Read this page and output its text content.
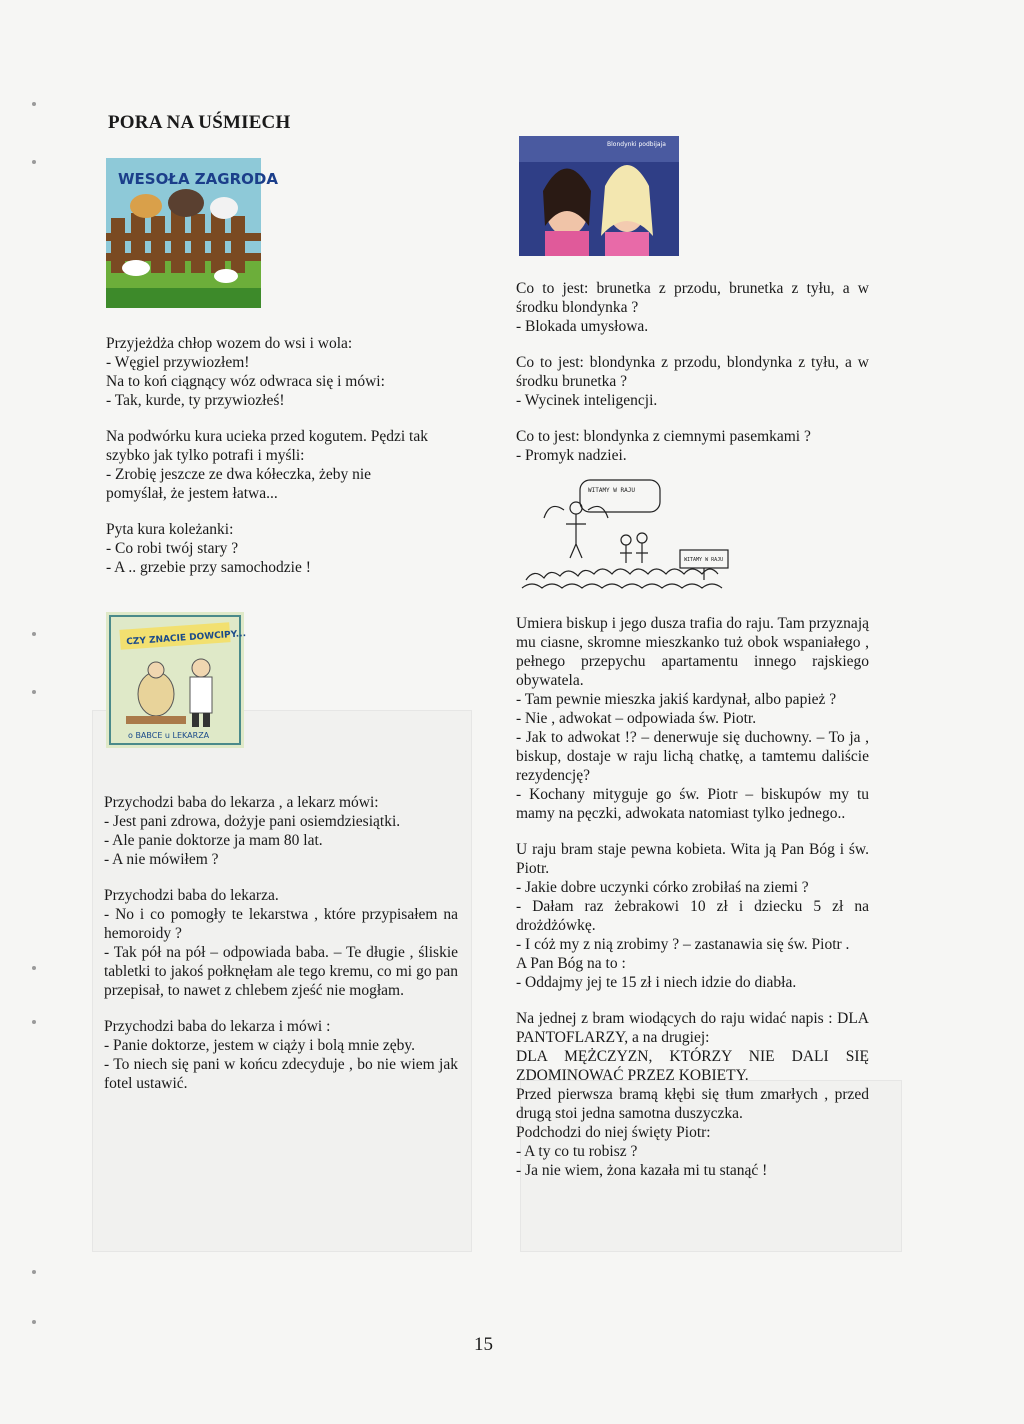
PORA NA UŚMIECH
WESOŁA ZAGRODA
Blondynki podbijaja

Co to jest: brunetka z przodu, brunetka z tyłu, a w środku blondynka ?
- Blokada umysłowa.

Co to jest: blondynka z przodu, blondynka z tyłu, a w środku brunetka ?
- Wycinek inteligencji.

Co to jest: blondynka z ciemnymi pasemkami ?
- Promyk nadziei.

WITAMY W RAJU
WITAMY W RAJU

Przyjeżdża chłop wozem do wsi i wola:
- Węgiel przywiozłem!
Na to koń ciągnący wóz odwraca się i mówi:
- Tak, kurde, ty przywiozłeś!

Na podwórku kura ucieka przed kogutem. Pędzi tak
szybko jak tylko potrafi i myśli:
- Zrobię jeszcze ze dwa kółeczka, żeby nie
pomyślał, że jestem łatwa...

Pyta kura koleżanki:
- Co robi twój stary ?
- A .. grzebie przy samochodzie !

CZY ZNACIE DOWCIPY...
o BABCE u LEKARZA

Umiera biskup i jego dusza trafia do raju. Tam przyznają mu ciasne, skromne mieszkanko tuż obok wspaniałego , pełnego przepychu apartamentu innego rajskiego obywatela.
- Tam pewnie mieszka jakiś kardynał, albo papież ?
- Nie , adwokat – odpowiada św. Piotr.
- Jak to adwokat !? – denerwuje się duchowny. – To ja , biskup, dostaje w raju lichą chatkę, a tamtemu daliście rezydencję?
- Kochany mityguje go św. Piotr – biskupów my tu mamy na pęczki, adwokata natomiast tylko jednego..

U raju bram staje pewna kobieta. Wita ją Pan Bóg i św. Piotr.
- Jakie dobre uczynki córko zrobiłaś na ziemi ?
- Dałam raz żebrakowi 10 zł i dziecku 5 zł na drożdżówkę.
- I cóż my z nią zrobimy ? – zastanawia się św. Piotr .
A Pan Bóg na to :
- Oddajmy jej te 15 zł i niech idzie do diabła.

Na jednej z bram wiodących do raju widać napis : DLA PANTOFLARZY, a na drugiej:
DLA MĘŻCZYZN, KTÓRZY NIE DALI SIĘ ZDOMINOWAĆ PRZEZ KOBIETY.
Przed pierwsza bramą kłębi się tłum zmarłych , przed drugą stoi jedna samotna duszyczka.
Podchodzi do niej święty Piotr:
- A ty co tu robisz ?
- Ja nie wiem, żona kazała mi tu stanąć !

Przychodzi baba do lekarza , a lekarz mówi:
- Jest pani zdrowa, dożyje pani osiemdziesiątki.
- Ale panie doktorze ja mam 80 lat.
- A nie mówiłem ?

Przychodzi baba do lekarza.
- No i co pomogły te lekarstwa , które przypisałem na hemoroidy ?
- Tak pół na pół – odpowiada baba. – Te długie , śliskie tabletki to jakoś połknęłam ale tego kremu, co mi go pan przepisał, to nawet z chlebem zjeść nie mogłam.

Przychodzi baba do lekarza i mówi :
- Panie doktorze, jestem w ciąży i bolą mnie zęby.
- To niech się pani w końcu zdecyduje , bo nie wiem jak fotel ustawić.

15
